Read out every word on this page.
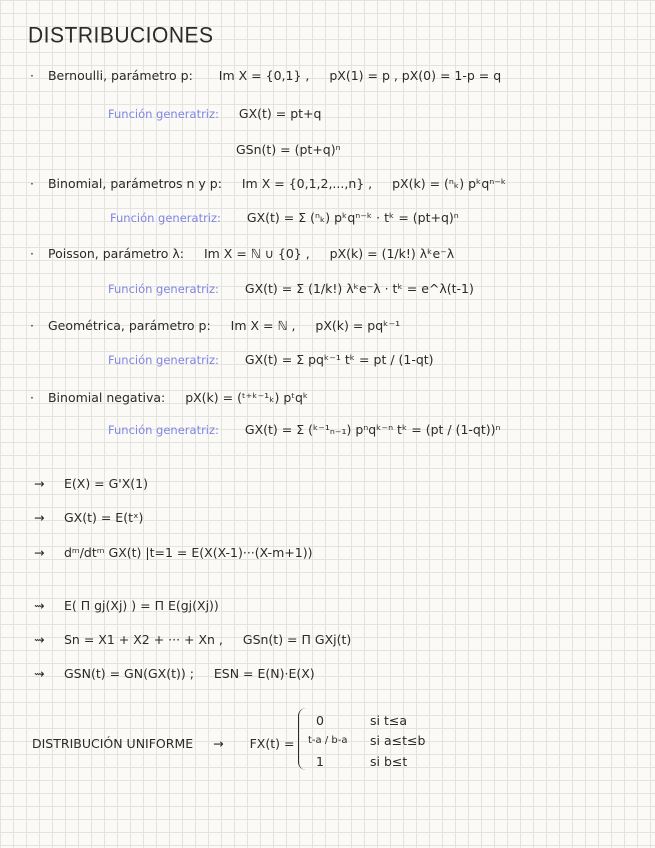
DISTRIBUCIONES
· Bernoulli, parámetro p: Im X = {0,1} , pX(1) = p , pX(0) = 1-p = q
Función generatriz: GX(t) = pt+q
GSn(t) = (pt+q)ⁿ
· Binomial, parámetros n y p: Im X = {0,1,2,...,n} , pX(k) = (ⁿₖ) pᵏqⁿ⁻ᵏ
Función generatriz: GX(t) = Σ (ⁿₖ) pᵏqⁿ⁻ᵏ · tᵏ = (pt+q)ⁿ
· Poisson, parámetro λ: Im X = ℕ ∪ {0} , pX(k) = (1/k!) λᵏe⁻λ
Función generatriz: GX(t) = Σ (1/k!) λᵏe⁻λ · tᵏ = e^λ(t-1)
· Geométrica, parámetro p: Im X = ℕ , pX(k) = pqᵏ⁻¹
Función generatriz: GX(t) = Σ pqᵏ⁻¹ tᵏ = pt / (1-qt)
· Binomial negativa: pX(k) = (ᵗ⁺ᵏ⁻¹ₖ) pᵗqᵏ
Función generatriz: GX(t) = Σ (ᵏ⁻¹ₙ₋₁) pⁿqᵏ⁻ⁿ tᵏ = (pt / (1-qt))ⁿ
→ E(X) = G'X(1)
→ GX(t) = E(tˣ)
→ dᵐ/dtᵐ GX(t) |t=1 = E(X(X-1)···(X-m+1))
⇝ E( Π gj(Xj) ) = Π E(gj(Xj))
⇝ Sn = X1 + X2 + ··· + Xn , GSn(t) = Π GXj(t)
⇝ GSN(t) = GN(GX(t)) ; ESN = E(N)·E(X)
DISTRIBUCIÓN UNIFORME → FX(t) =
0	si t≤a
t-a / b-a si a≤t≤b
1	si b≤t
